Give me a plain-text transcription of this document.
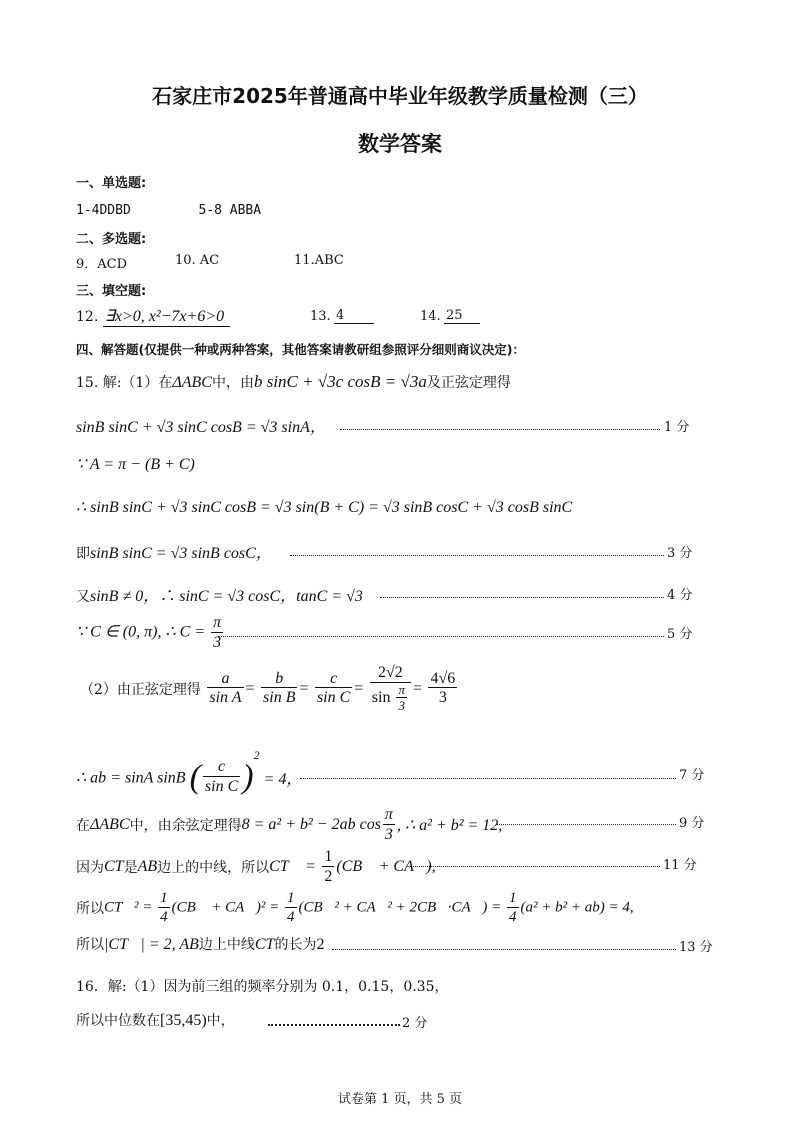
石家庄市2025年普通高中毕业年级教学质量检测（三）
数学答案
一、单选题:
1-4DDBD	5-8 ABBA
二、多选题:
9．ACD	10. AC	11.ABC
三、填空题:
12. ∃x>0, x²−7x+6>0	13. 4	14. 25
四、解答题(仅提供一种或两种答案，其他答案请教研组参照评分细则商议决定)：
15. 解:（1）在ΔABC中，由b sinC + √3c cosB = √3a及正弦定理得
sinB sinC + √3 sinC cosB = √3 sinA，	1 分
∵ A = π − (B + C)
∴ sinB sinC + √3 sinC cosB = √3 sin(B + C) = √3 sinB cosC + √3 cosB sinC
即sinB sinC = √3 sinB cosC，	3 分
又sinB ≠ 0，∴ sinC = √3 cosC，tanC = √3	4 分
∵ C ∈ (0, π), ∴ $C = \frac{\pi}{3}$	5 分
（2）由正弦定理得 $\frac{a}{\text{sin A}} = \frac{b}{\text{sin B}} = \frac{c}{\text{sin C}} = \frac{2√2}{\sin \frac{\pi}{3}} = \frac{4√6}{3}$
∴ ab = sinA sinB ( $\frac{c}{\text{sin C}} )^2 = 4$，	7 分
在ΔABC中，由余弦定理得8 = a² + b² − 2ab $\cos \frac{\pi}{3}$ , ∴ a² + b² = 12,	9 分
因为CT是AB边上的中线，所以CT⃗ = $\frac{1}{2}$ (CB⃗ + CA⃗),	11 分
所以CT⃗² = $\frac{1}{4}$ (CB⃗ + CA⃗)² = $\frac{1}{4}$ (CB⃗² + CA⃗² + 2CB⃗·CA⃗) = $\frac{1}{4} (a^2 + b^2 + ab) = 4$,
所以|CT⃗| = 2, AB边上中线CT的长为2	13 分
16．解:（1）因为前三组的频率分别为 0.1，0.15，0.35，
所以中位数在[35,45)中，	2 分
试卷第 1 页，共 5 页
